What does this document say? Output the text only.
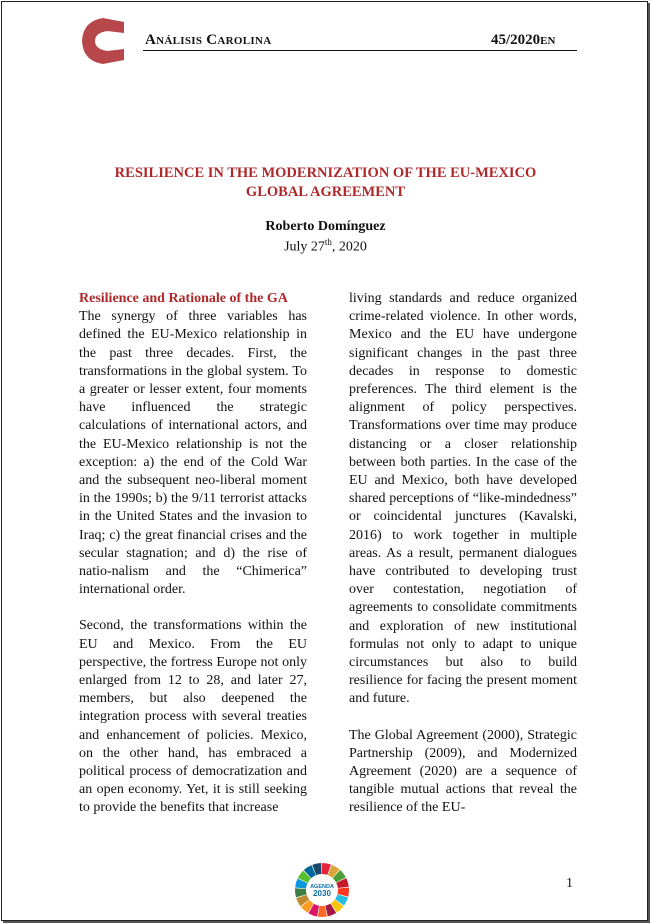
Análisis Carolina	45/2020EN
RESILIENCE IN THE MODERNIZATION OF THE EU-MEXICO
GLOBAL AGREEMENT
Roberto Domínguez
July 27th, 2020
Resilience and Rationale of the GA

The synergy of three variables has defined the EU-Mexico relationship in the past three decades. First, the transformations in the global system. To a greater or lesser extent, four moments have influenced the strategic calculations of international actors, and the EU-Mexico relationship is not the exception: a) the end of the Cold War and the subsequent neo-liberal moment in the 1990s; b) the 9/11 terrorist attacks in the United States and the invasion to Iraq; c) the great financial crises and the secular stagnation; and d) the rise of natio-nalism and the “Chimerica” international order.

Second, the transformations within the EU and Mexico. From the EU perspective, the fortress Europe not only enlarged from 12 to 28, and later 27, members, but also deepened the integration process with several treaties and enhancement of policies. Mexico, on the other hand, has embraced a political process of democratization and an open economy. Yet, it is still seeking to provide the benefits that increase

living standards and reduce organized crime-related violence. In other words, Mexico and the EU have undergone significant changes in the past three decades in response to domestic preferences. The third element is the alignment of policy perspectives. Transformations over time may produce distancing or a closer relationship between both parties. In the case of the EU and Mexico, both have developed shared perceptions of “like-mindedness” or coincidental junctures (Kavalski, 2016) to work together in multiple areas. As a result, permanent dialogues have contributed to developing trust over contestation, negotiation of agreements to consolidate commitments and exploration of new institutional formulas not only to adapt to unique circumstances but also to build resilience for facing the present moment and future.

The Global Agreement (2000), Strategic Partnership (2009), and Modernized Agreement (2020) are a sequence of tangible mutual actions that reveal the resilience of the EU-

AGENDA
2030
1
